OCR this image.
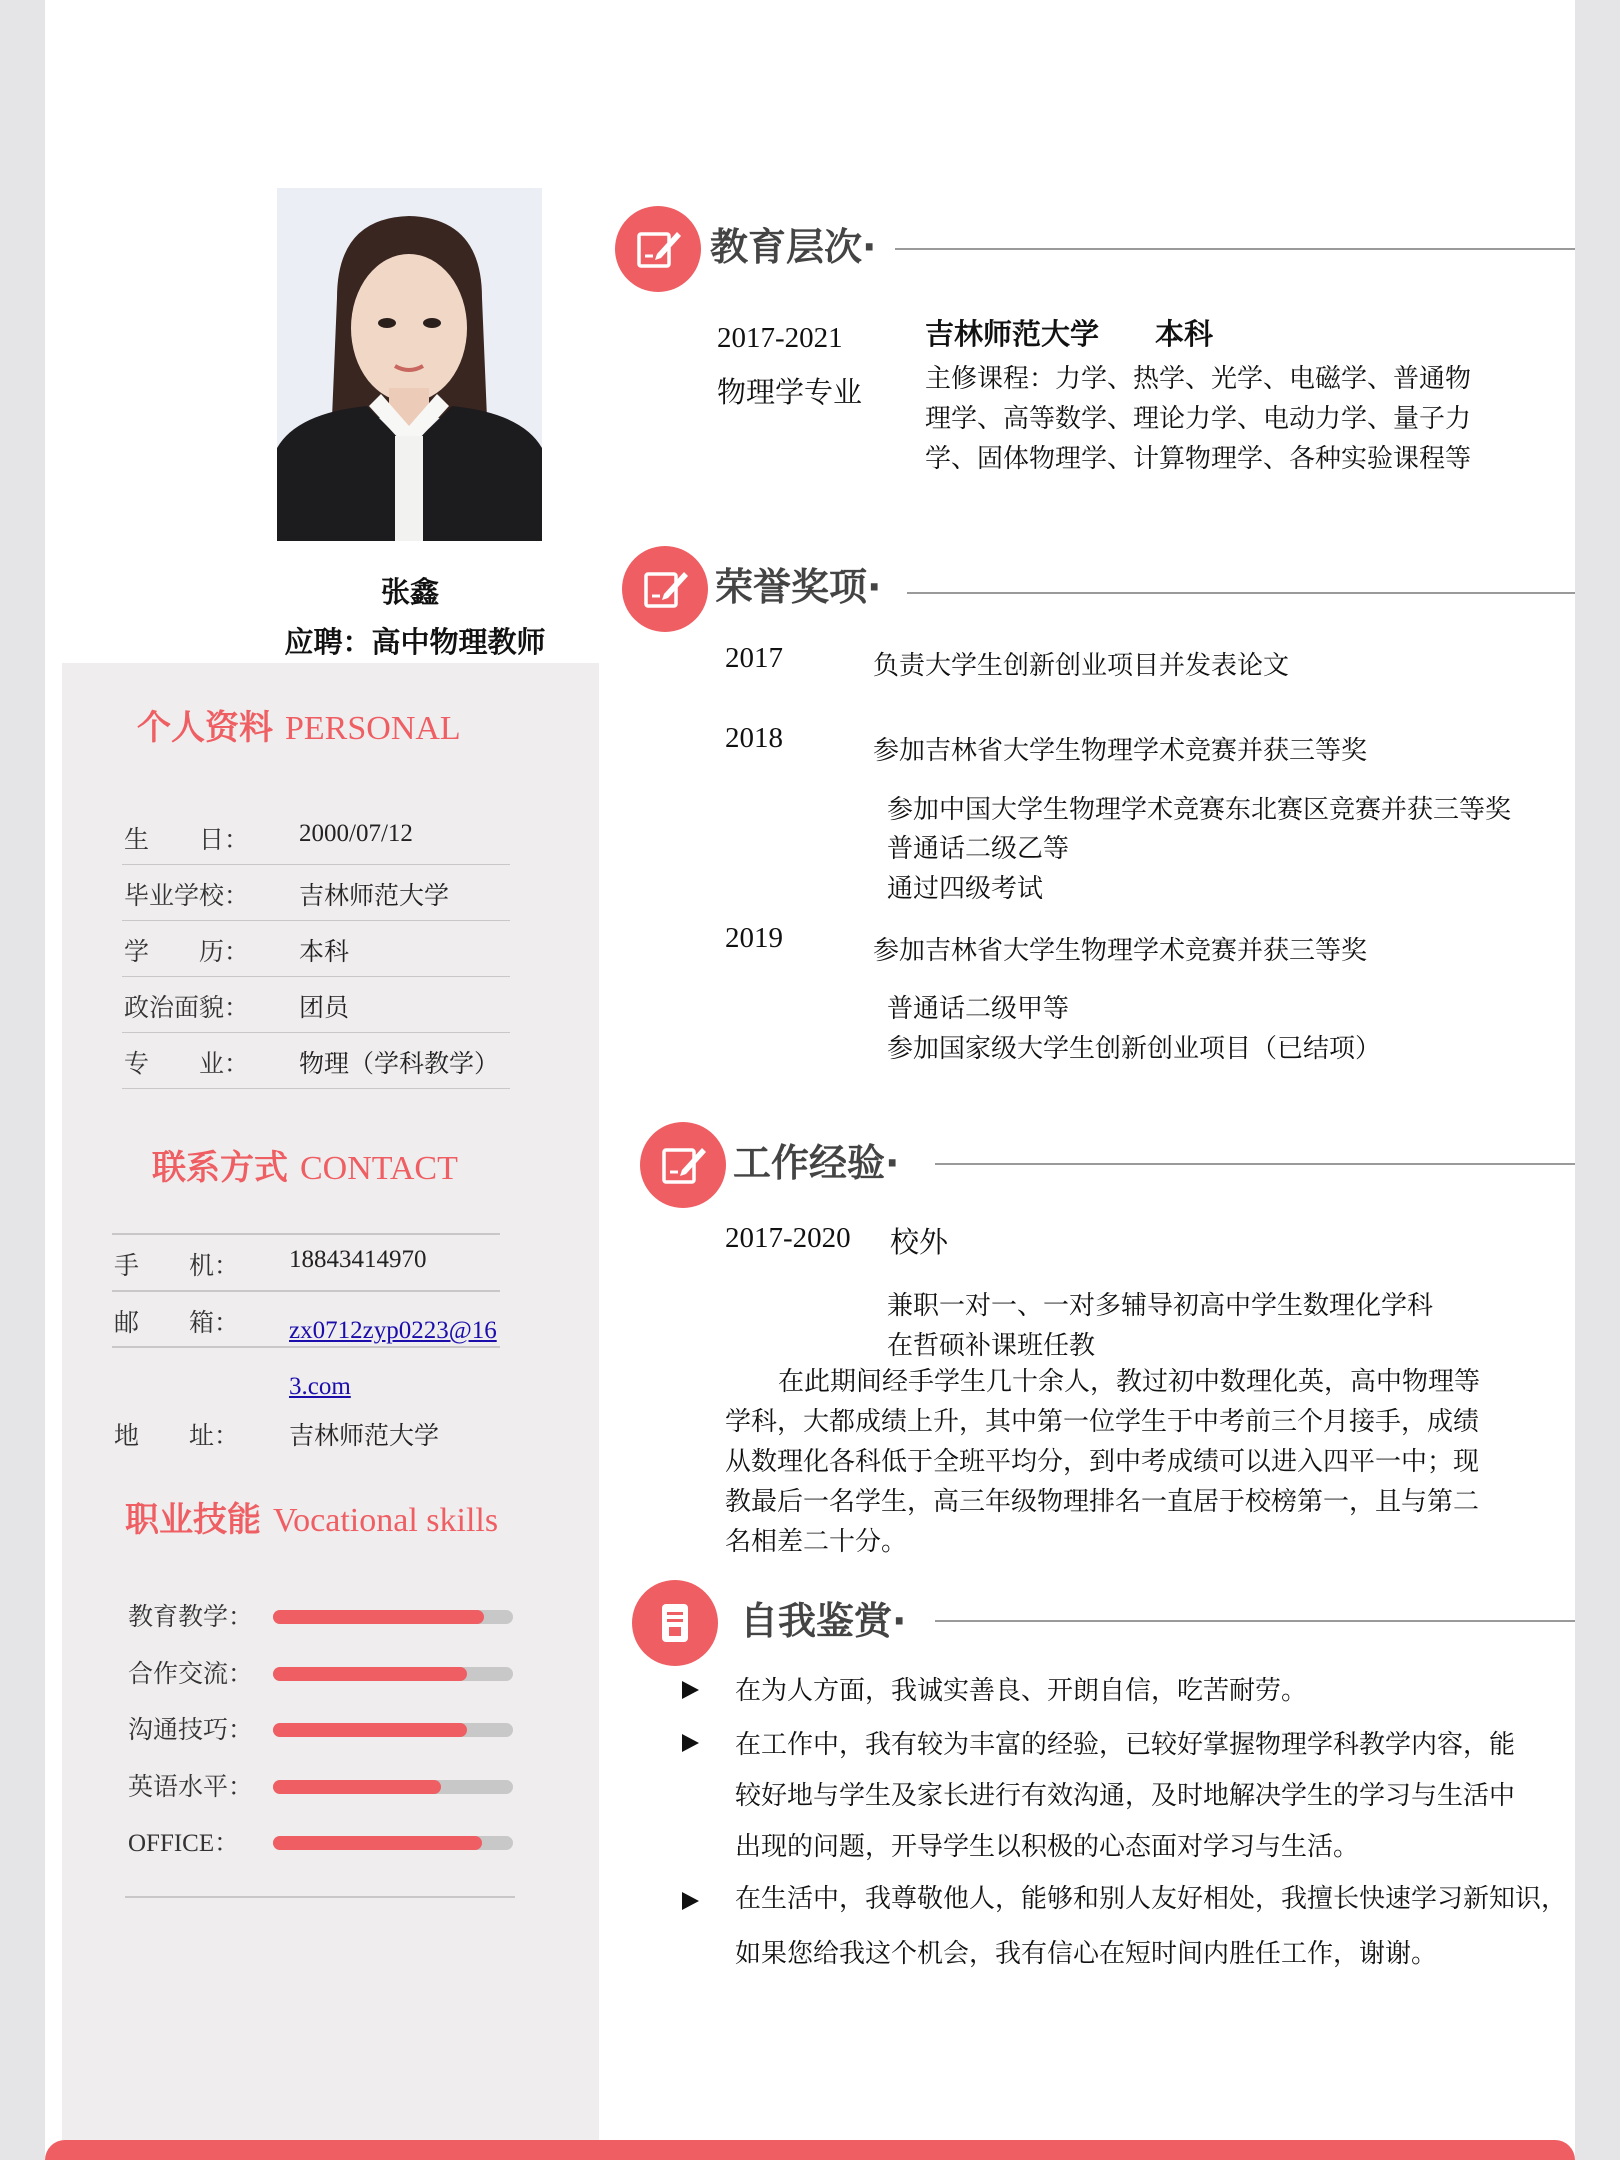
张鑫
应聘：高中物理教师
个人资料 PERSONAL
生　　日： 2000/07/12
毕业学校： 吉林师范大学
学　　历： 本科
政治面貌： 团员
专　　业： 物理（学科教学）
联系方式 CONTACT
手　　机： 18843414970
邮　　箱： zx0712zyp0223@16
3.com
地　　址： 吉林师范大学
职业技能 Vocational skills
教育教学：
合作交流：
沟通技巧：
英语水平：
OFFICE：
教育层次·
2017-2021
物理学专业
吉林师范大学 本科
主修课程：力学、热学、光学、电磁学、普通物
理学、高等数学、理论力学、电动力学、量子力
学、固体物理学、计算物理学、各种实验课程等
荣誉奖项·
2017	负责大学生创新创业项目并发表论文
2018	参加吉林省大学生物理学术竞赛并获三等奖
参加中国大学生物理学术竞赛东北赛区竞赛并获三等奖
普通话二级乙等
通过四级考试
2019	参加吉林省大学生物理学术竞赛并获三等奖
普通话二级甲等
参加国家级大学生创新创业项目（已结项）
工作经验·
2017-2020 校外
兼职一对一、一对多辅导初高中学生数理化学科
在哲硕补课班任教
在此期间经手学生几十余人，教过初中数理化英，高中物理等
学科，大都成绩上升，其中第一位学生于中考前三个月接手，成绩
从数理化各科低于全班平均分，到中考成绩可以进入四平一中；现
教最后一名学生，高三年级物理排名一直居于校榜第一，且与第二
名相差二十分。
自我鉴赏·
在为人方面，我诚实善良、开朗自信，吃苦耐劳。
在工作中，我有较为丰富的经验，已较好掌握物理学科教学内容，能
较好地与学生及家长进行有效沟通，及时地解决学生的学习与生活中
出现的问题，开导学生以积极的心态面对学习与生活。
在生活中，我尊敬他人，能够和别人友好相处，我擅长快速学习新知识，
如果您给我这个机会，我有信心在短时间内胜任工作，谢谢。
